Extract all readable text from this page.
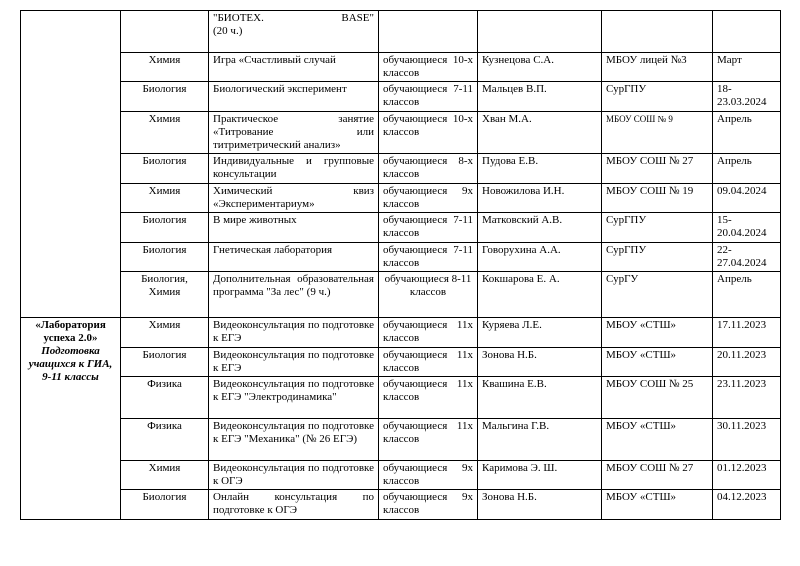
		"БИОТЕХ. BASE"
(20 ч.)				

	Химия	Игра «Счастливый случай	обучающиеся 10-х классов	Кузнецова С.А.	МБОУ лицей №3	Март
	Биология	Биологический эксперимент	обучающиеся 7-11 классов	Мальцев В.П.	СурГПУ	18-23.03.2024
	Химия	Практическое занятие «Титрование или титриметрический анализ»	обучающиеся 10-х классов	Хван М.А.	МБОУ СОШ № 9	Апрель
	Биология	Индивидуальные и групповые консультации	обучающиеся 8-х классов	Пудова Е.В.	МБОУ СОШ № 27	Апрель
	Химия	Химический квиз «Экспериментариум»	обучающиеся 9х классов	Новожилова И.Н.	МБОУ СОШ № 19	09.04.2024
	Биология	В мире животных	обучающиеся 7-11 классов	Матковский А.В.	СурГПУ	15-20.04.2024
	Биология	Гнетическая лаборатория	обучающиеся 7-11 классов	Говорухина А.А.	СурГПУ	22-27.04.2024
	Биология, Химия	Дополнительная образовательная программа "За лес" (9 ч.)	обучающиеся 8-11 классов	Кокшарова Е. А.	СурГУ	Апрель

«Лаборатория успеха 2.0»
Подготовка учащихся к ГИА, 9-11 классы	Химия	Видеоконсультация по подготовке к ЕГЭ	обучающиеся 11х классов	Куряева Л.Е.	МБОУ «СТШ»	17.11.2023
	Биология	Видеоконсультация по подготовке к ЕГЭ	обучающиеся 11х классов	Зонова Н.Б.	МБОУ «СТШ»	20.11.2023
	Физика	Видеоконсультация по подготовке к ЕГЭ "Электродинамика"	обучающиеся 11х классов	Квашина Е.В.	МБОУ СОШ № 25	23.11.2023
	Физика	Видеоконсультация по подготовке к ЕГЭ "Механика" (№ 26 ЕГЭ)	обучающиеся 11х классов	Мальгина Г.В.	МБОУ «СТШ»	30.11.2023
	Химия	Видеоконсультация по подготовке к ОГЭ	обучающиеся 9х классов	Каримова Э. Ш.	МБОУ СОШ № 27	01.12.2023
	Биология	Онлайн консультация по подготовке к ОГЭ	обучающиеся 9х классов	Зонова Н.Б.	МБОУ «СТШ»	04.12.2023
